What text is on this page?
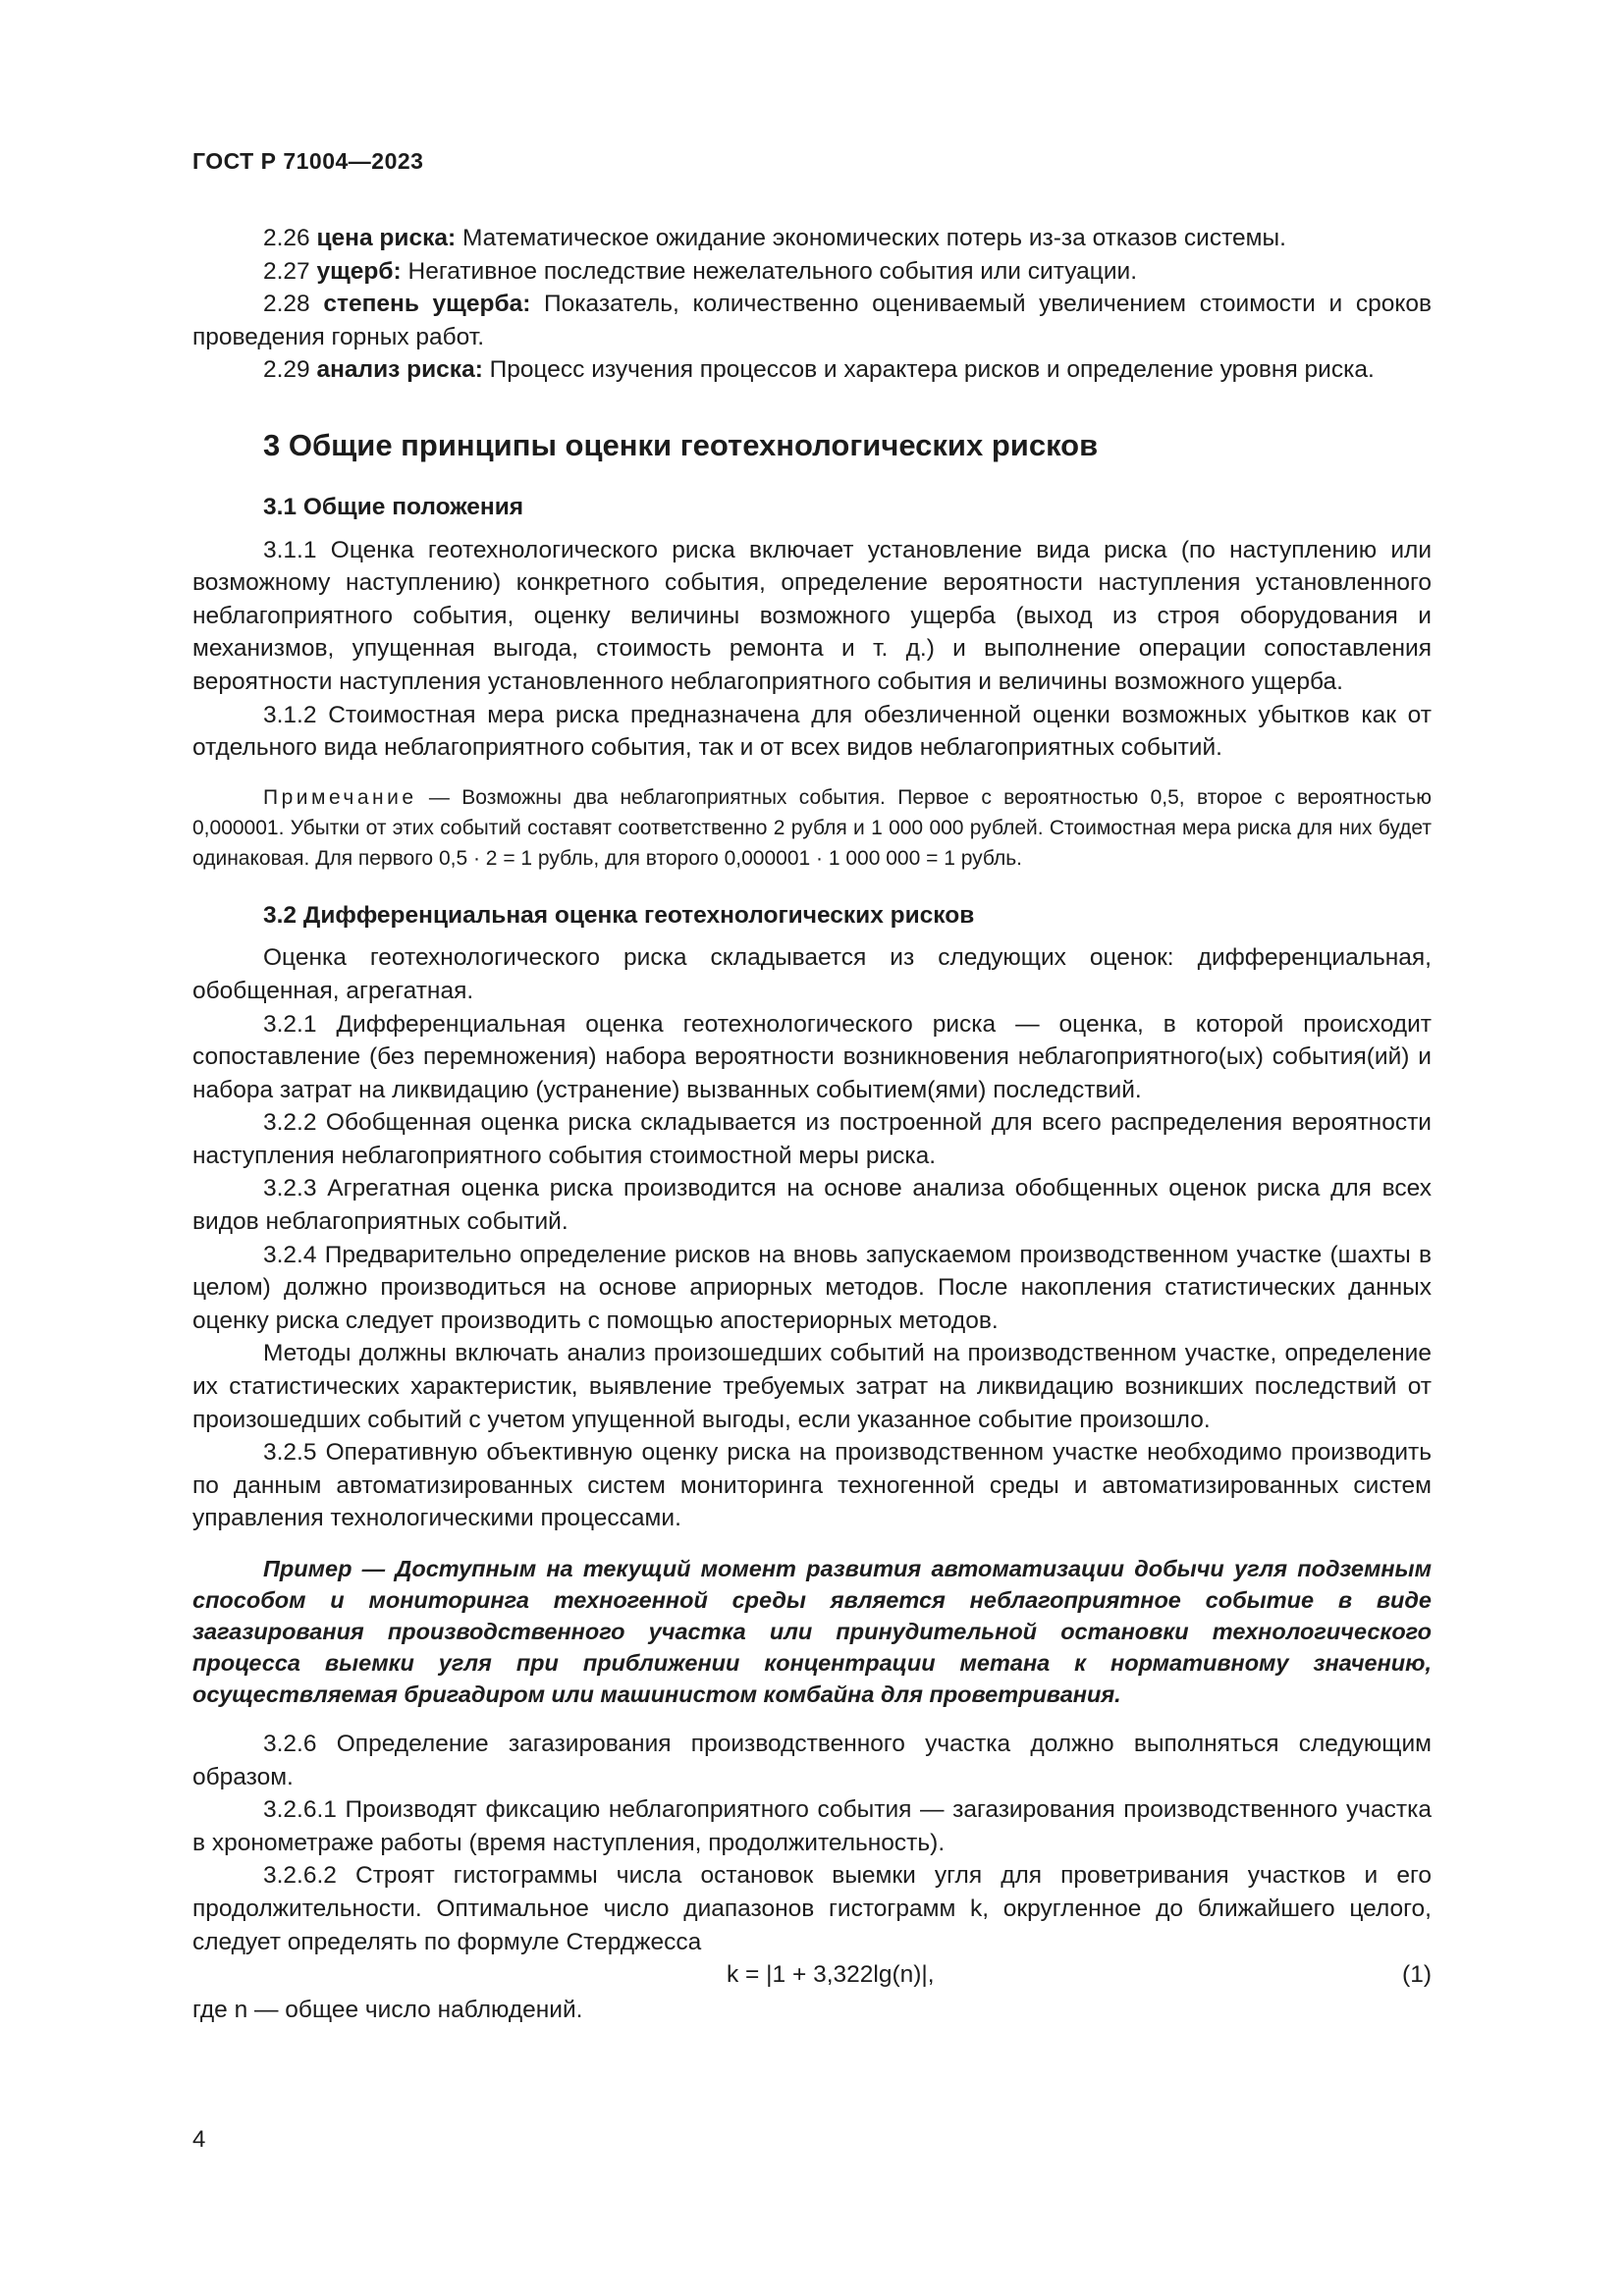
ГОСТ Р 71004—2023

2.26 цена риска: Математическое ожидание экономических потерь из-за отказов системы.

2.27 ущерб: Негативное последствие нежелательного события или ситуации.

2.28 степень ущерба: Показатель, количественно оцениваемый увеличением стоимости и сроков проведения горных работ.

2.29 анализ риска: Процесс изучения процессов и характера рисков и определение уровня риска.

3 Общие принципы оценки геотехнологических рисков
3.1 Общие положения

3.1.1 Оценка геотехнологического риска включает установление вида риска (по наступлению или возможному наступлению) конкретного события, определение вероятности наступления установленного неблагоприятного события, оценку величины возможного ущерба (выход из строя оборудования и механизмов, упущенная выгода, стоимость ремонта и т. д.) и выполнение операции сопоставления вероятности наступления установленного неблагоприятного события и величины возможного ущерба.

3.1.2 Стоимостная мера риска предназначена для обезличенной оценки возможных убытков как от отдельного вида неблагоприятного события, так и от всех видов неблагоприятных событий.

Примечание — Возможны два неблагоприятных события. Первое с вероятностью 0,5, второе с вероятностью 0,000001. Убытки от этих событий составят соответственно 2 рубля и 1 000 000 рублей. Стоимостная мера риска для них будет одинаковая. Для первого 0,5 · 2 = 1 рубль, для второго 0,000001 · 1 000 000 = 1 рубль.

3.2 Дифференциальная оценка геотехнологических рисков

Оценка геотехнологического риска складывается из следующих оценок: дифференциальная, обобщенная, агрегатная.

3.2.1 Дифференциальная оценка геотехнологического риска — оценка, в которой происходит сопоставление (без перемножения) набора вероятности возникновения неблагоприятного(ых) события(ий) и набора затрат на ликвидацию (устранение) вызванных событием(ями) последствий.

3.2.2 Обобщенная оценка риска складывается из построенной для всего распределения вероятности наступления неблагоприятного события стоимостной меры риска.

3.2.3 Агрегатная оценка риска производится на основе анализа обобщенных оценок риска для всех видов неблагоприятных событий.

3.2.4 Предварительно определение рисков на вновь запускаемом производственном участке (шахты в целом) должно производиться на основе априорных методов. После накопления статистических данных оценку риска следует производить с помощью апостериорных методов.

Методы должны включать анализ произошедших событий на производственном участке, определение их статистических характеристик, выявление требуемых затрат на ликвидацию возникших последствий от произошедших событий с учетом упущенной выгоды, если указанное событие произошло.

3.2.5 Оперативную объективную оценку риска на производственном участке необходимо производить по данным автоматизированных систем мониторинга техногенной среды и автоматизированных систем управления технологическими процессами.

Пример — Доступным на текущий момент развития автоматизации добычи угля подземным способом и мониторинга техногенной среды является неблагоприятное событие в виде загазирования производственного участка или принудительной остановки технологического процесса выемки угля при приближении концентрации метана к нормативному значению, осуществляемая бригадиром или машинистом комбайна для проветривания.

3.2.6 Определение загазирования производственного участка должно выполняться следующим образом.

3.2.6.1 Производят фиксацию неблагоприятного события — загазирования производственного участка в хронометраже работы (время наступления, продолжительность).

3.2.6.2 Строят гистограммы числа остановок выемки угля для проветривания участков и его продолжительности. Оптимальное число диапазонов гистограмм k, округленное до ближайшего целого, следует определять по формуле Стерджесса

k = |1 + 3,322lg(n)|,	(1)

где n — общее число наблюдений.

4
